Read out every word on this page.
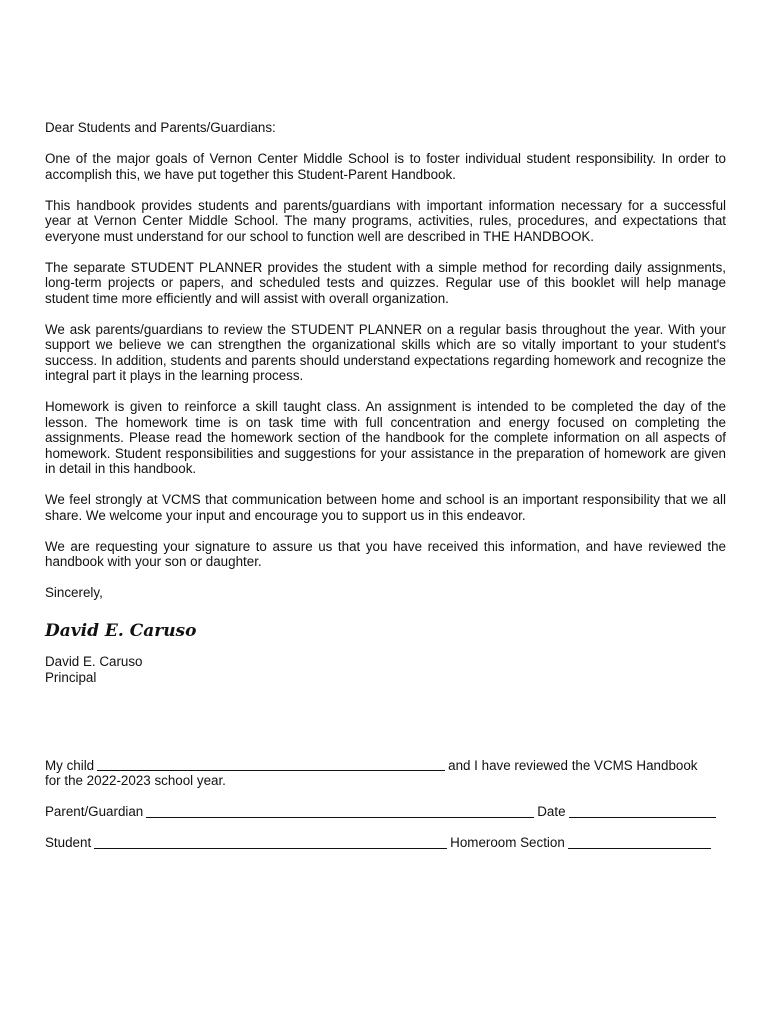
Dear Students and Parents/Guardians:

One of the major goals of Vernon Center Middle School is to foster individual student responsibility. In order to accomplish this, we have put together this Student-Parent Handbook.

This handbook provides students and parents/guardians with important information necessary for a successful year at Vernon Center Middle School. The many programs, activities, rules, procedures, and expectations that everyone must understand for our school to function well are described in THE HANDBOOK.

The separate STUDENT PLANNER provides the student with a simple method for recording daily assignments, long-term projects or papers, and scheduled tests and quizzes. Regular use of this booklet will help manage student time more efficiently and will assist with overall organization.

We ask parents/guardians to review the STUDENT PLANNER on a regular basis throughout the year. With your support we believe we can strengthen the organizational skills which are so vitally important to your student's success. In addition, students and parents should understand expectations regarding homework and recognize the integral part it plays in the learning process.

Homework is given to reinforce a skill taught class. An assignment is intended to be completed the day of the lesson. The homework time is on task time with full concentration and energy focused on completing the assignments. Please read the homework section of the handbook for the complete information on all aspects of homework. Student responsibilities and suggestions for your assistance in the preparation of homework are given in detail in this handbook.

We feel strongly at VCMS that communication between home and school is an important responsibility that we all share. We welcome your input and encourage you to support us in this endeavor.

We are requesting your signature to assure us that you have received this information, and have reviewed the handbook with your son or daughter.

Sincerely,

David E. Caruso

David E. Caruso

Principal

My child	and I have reviewed the VCMS Handbook
for the 2022-2023 school year.
Parent/Guardian	Date
Student	Homeroom Section
